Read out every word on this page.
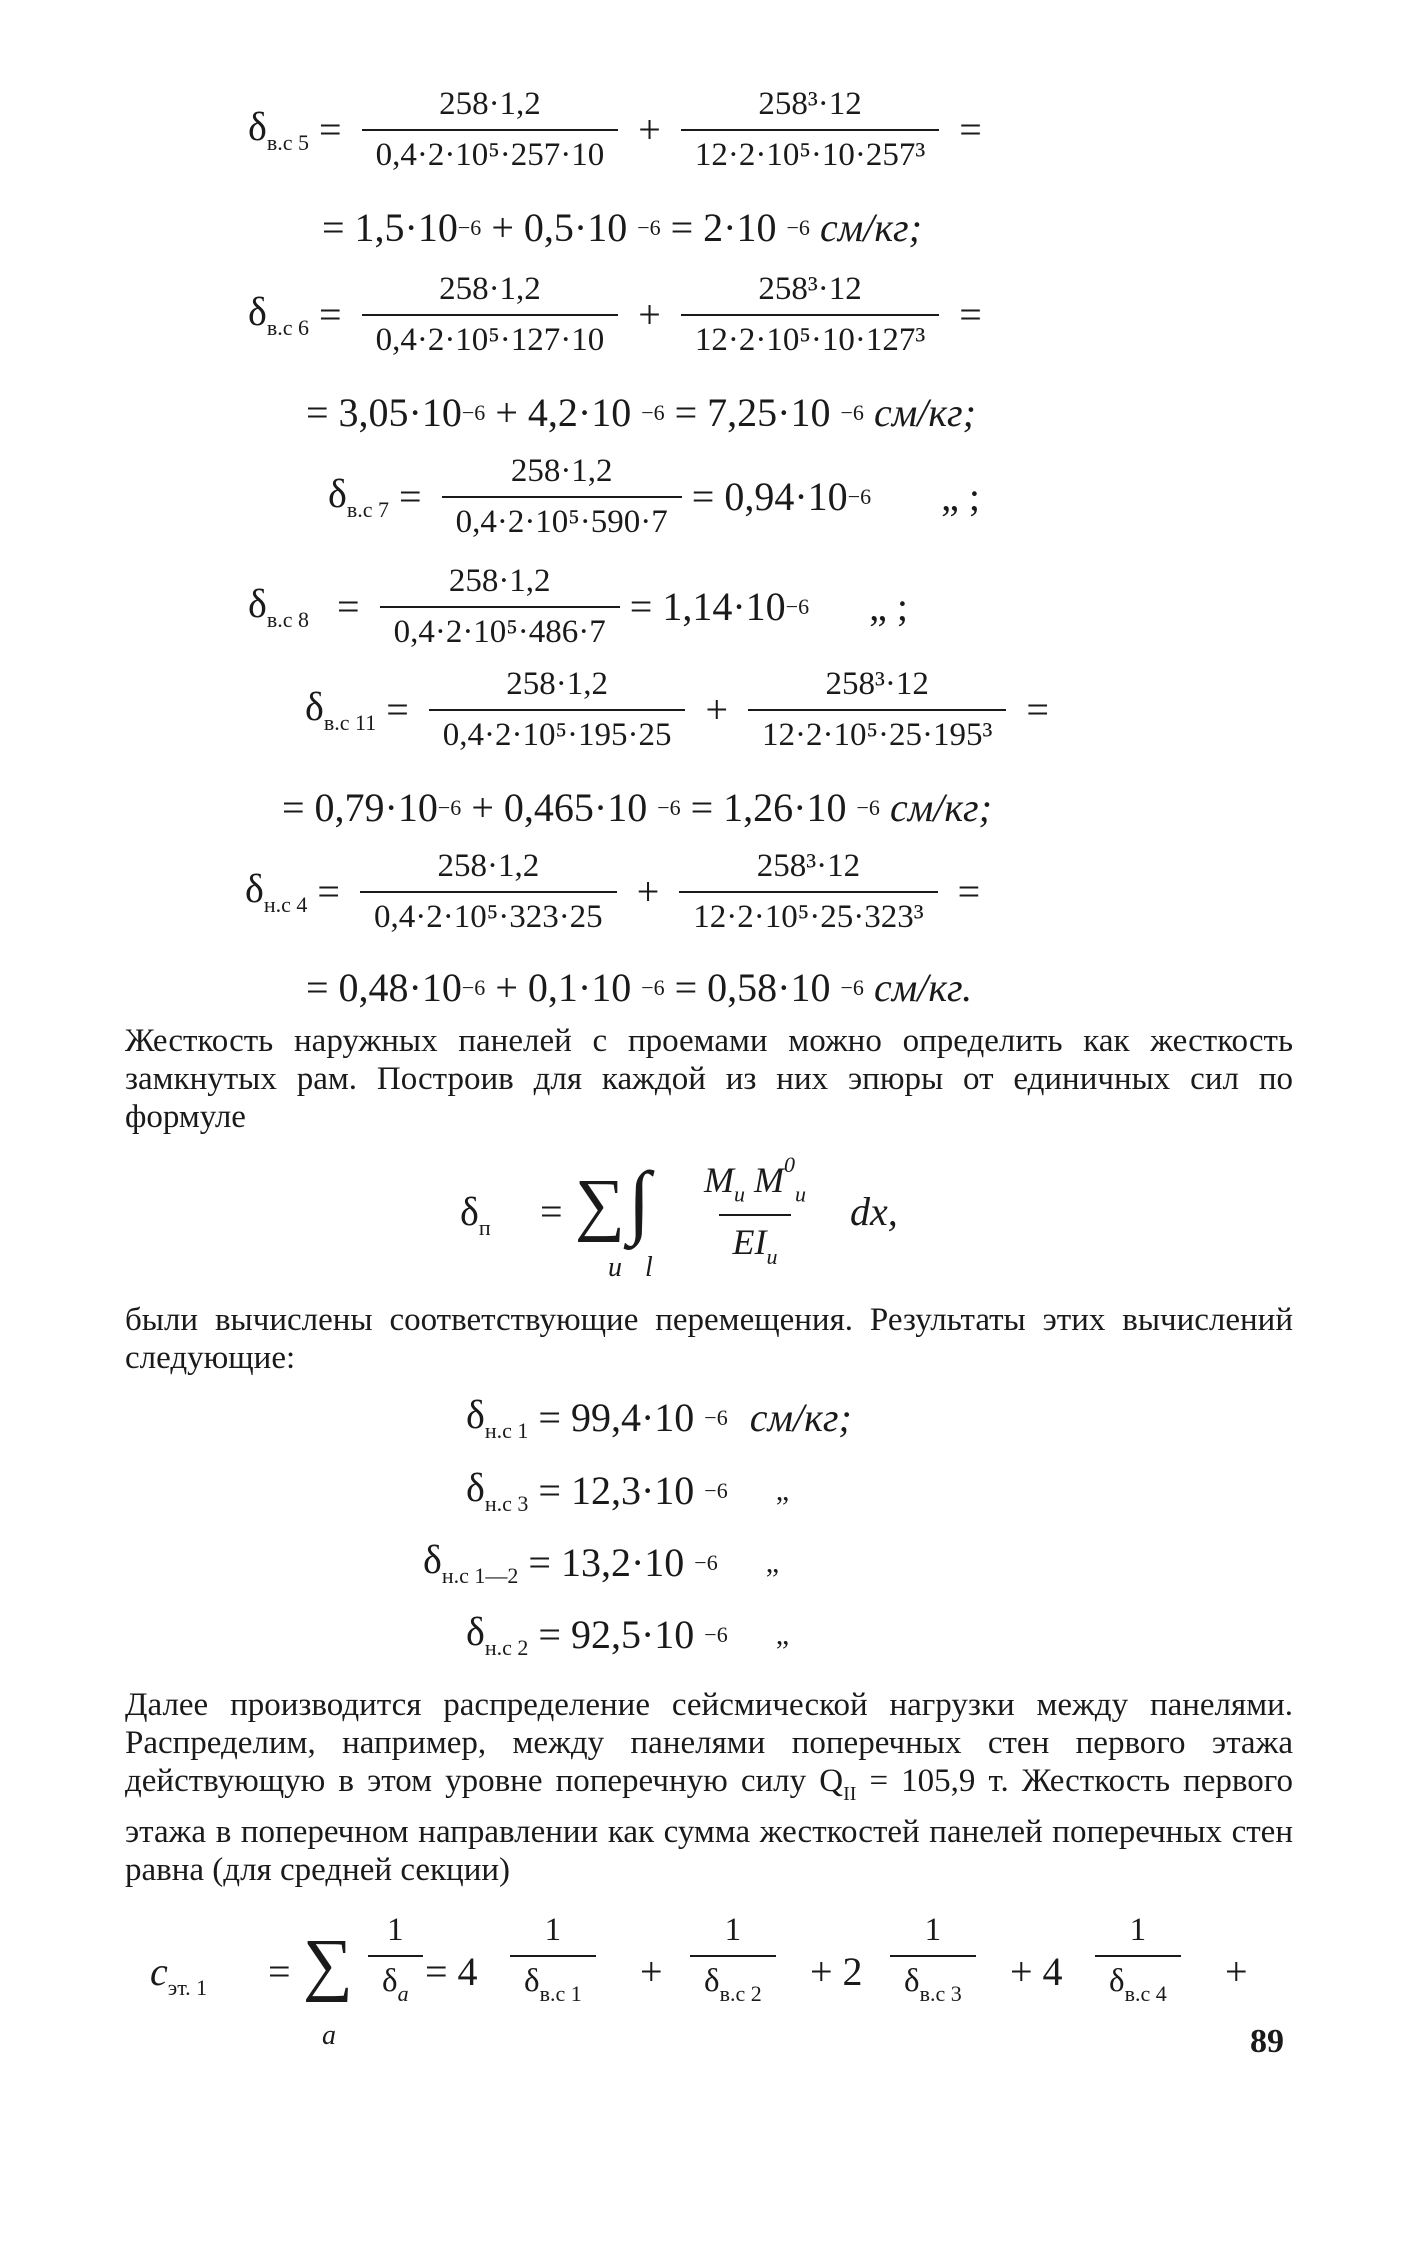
$\delta_{в.с 5} = \frac{258\cdot 1,2}{\text{0,4·2·10⁵·257·10}} + \frac{\text{258³·12}}{\text{12·2·10⁵·10·257³}}$ =
= 1,5·10 −6 + 0,5·10 −6 = 2·10 −6 см/кг;
$\delta_{в.с 6} = \frac{258\cdot 1,2}{\text{0,4·2·10⁵·127·10}} + \frac{\text{258³·12}}{\text{12·2·10⁵·10·127³}}$ =
= 3,05·10 −6 + 4,2·10 −6 = 7,25·10 −6 см/кг;
$\delta_{в.с 7} = \frac{258\cdot 1,2}{\text{0,4·2·10⁵·590·7}} = 0,94\cdot 10 -6$ „ ;
$\delta_{в.с 8} = \frac{258\cdot 1,2}{\text{0,4·2·10⁵·486·7}} = 1,14\cdot 10 -6$ „ ;
$\delta_{в.с 11} = \frac{258\cdot 1,2}{\text{0,4·2·10⁵·195·25}} + \frac{\text{258³·12}}{\text{12·2·10⁵·25·195³}}$ =
= 0,79·10 −6 + 0,465·10 −6 = 1,26·10 −6 см/кг;
$\delta_{н.с 4} = \frac{258\cdot 1,2}{\text{0,4·2·10⁵·323·25}} + \frac{\text{258³·12}}{\text{12·2·10⁵·25·323³}}$ =
= 0,48·10 −6 + 0,1·10 −6 = 0,58·10 −6 см/кг.
Жесткость наружных панелей с проемами можно определить как жесткость замкнутых рам. Построив для каждой из них эпюры от единичных сил по формуле
$\delta_п$ = ∑ ∫
u l
$M_u$ $M^0_u$
$EI_u$
dx,
были вычислены соответствующие перемещения. Результаты этих вычислений следующие:
$\delta_{н.с 1} = 99,4\cdot 10 -6$ см/кг;
$\delta_{н.с 3} = 12,3\cdot 10 -6$ „
$\delta_{н.с 1—2} = 13,2\cdot 10 -6$ „
$\delta_{н.с 2} = 92,5\cdot 10 -6$ „
Далее производится распределение сейсмической нагрузки между панелями. Распределим, например, между панелями поперечных стен первого этажа действующую в этом уровне поперечную силу $Q_{II} = 105,9$ т. Жесткость первого этажа в поперечном направлении как сумма жесткостей панелей поперечных стен равна (для средней секции)
$c_{эт. 1}$ = ∑
a
1
$\delta_a = 4$
1
$\delta_{в.с 1}$	+
1
$\delta_{в.с 2}$	+ 2
1
$\delta_{в.с 3}$	+ 4
1
$\delta_{в.с 4}$	+
89
